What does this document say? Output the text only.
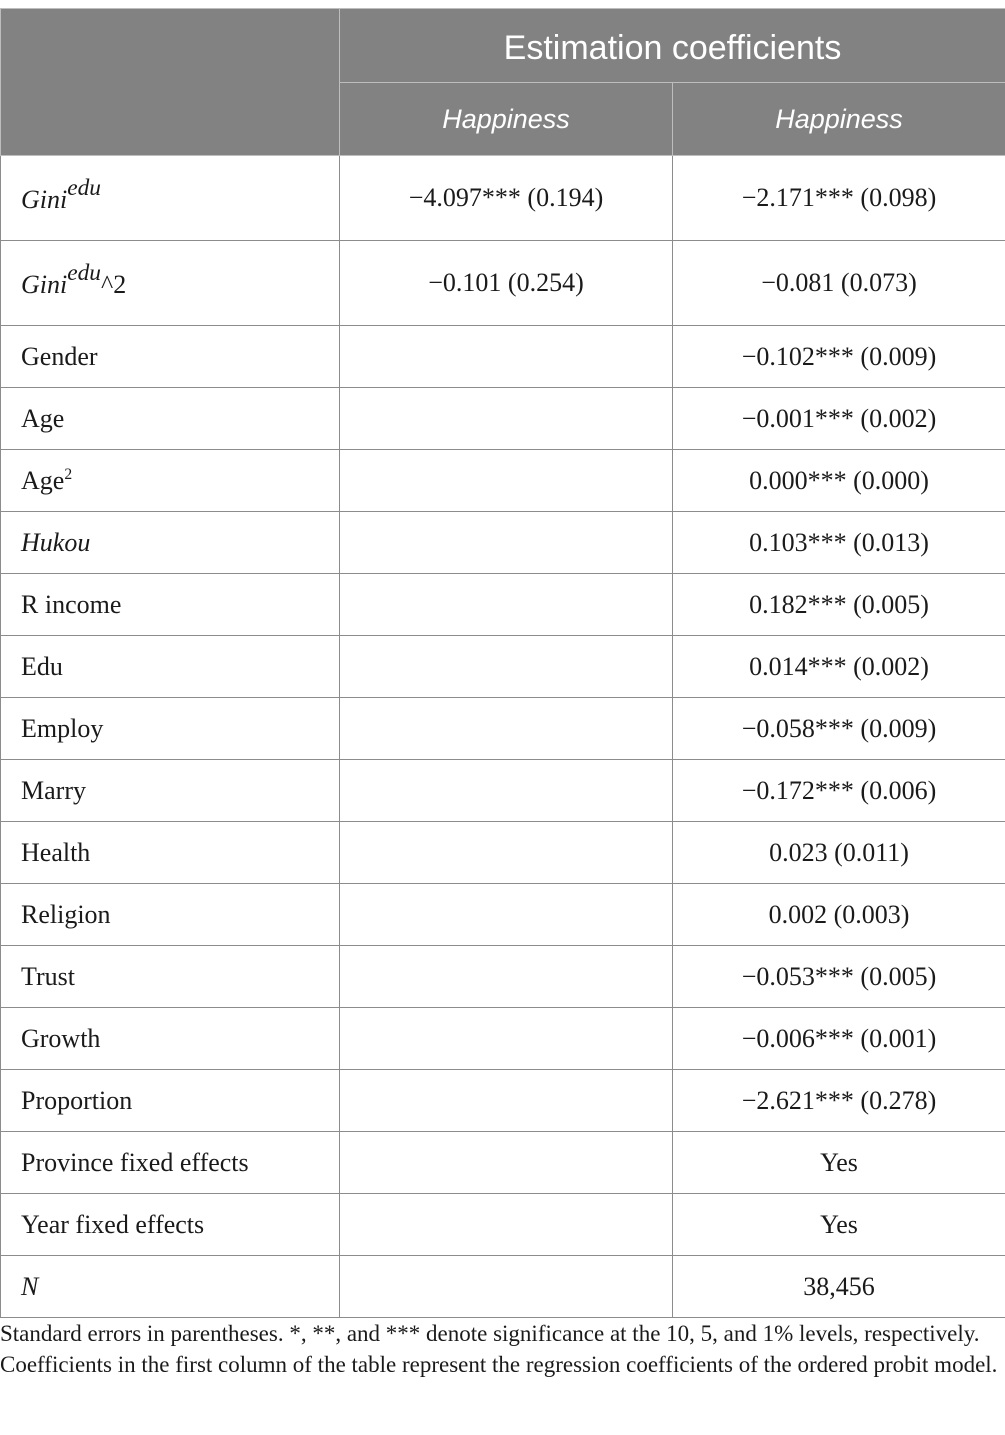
	Estimation coefficients	
	Happiness	Happiness
Giniedu	−4.097*** (0.194)	−2.171*** (0.098)
Giniedu^2	−0.101 (0.254)	−0.081 (0.073)
Gender		−0.102*** (0.009)
Age		−0.001*** (0.002)
Age$^2$		0.000*** (0.000)
Hukou		0.103*** (0.013)
R income		0.182*** (0.005)
Edu		0.014*** (0.002)
Employ		−0.058*** (0.009)
Marry		−0.172*** (0.006)
Health		0.023 (0.011)
Religion		0.002 (0.003)
Trust		−0.053*** (0.005)
Growth		−0.006*** (0.001)
Proportion		−2.621*** (0.278)
Province fixed effects		Yes
Year fixed effects		Yes
N		38,456

Standard errors in parentheses. *, **, and *** denote significance at the 10, 5, and 1% levels, respectively. Coefficients in the first column of the table represent the regression coefficients of the ordered probit model.
